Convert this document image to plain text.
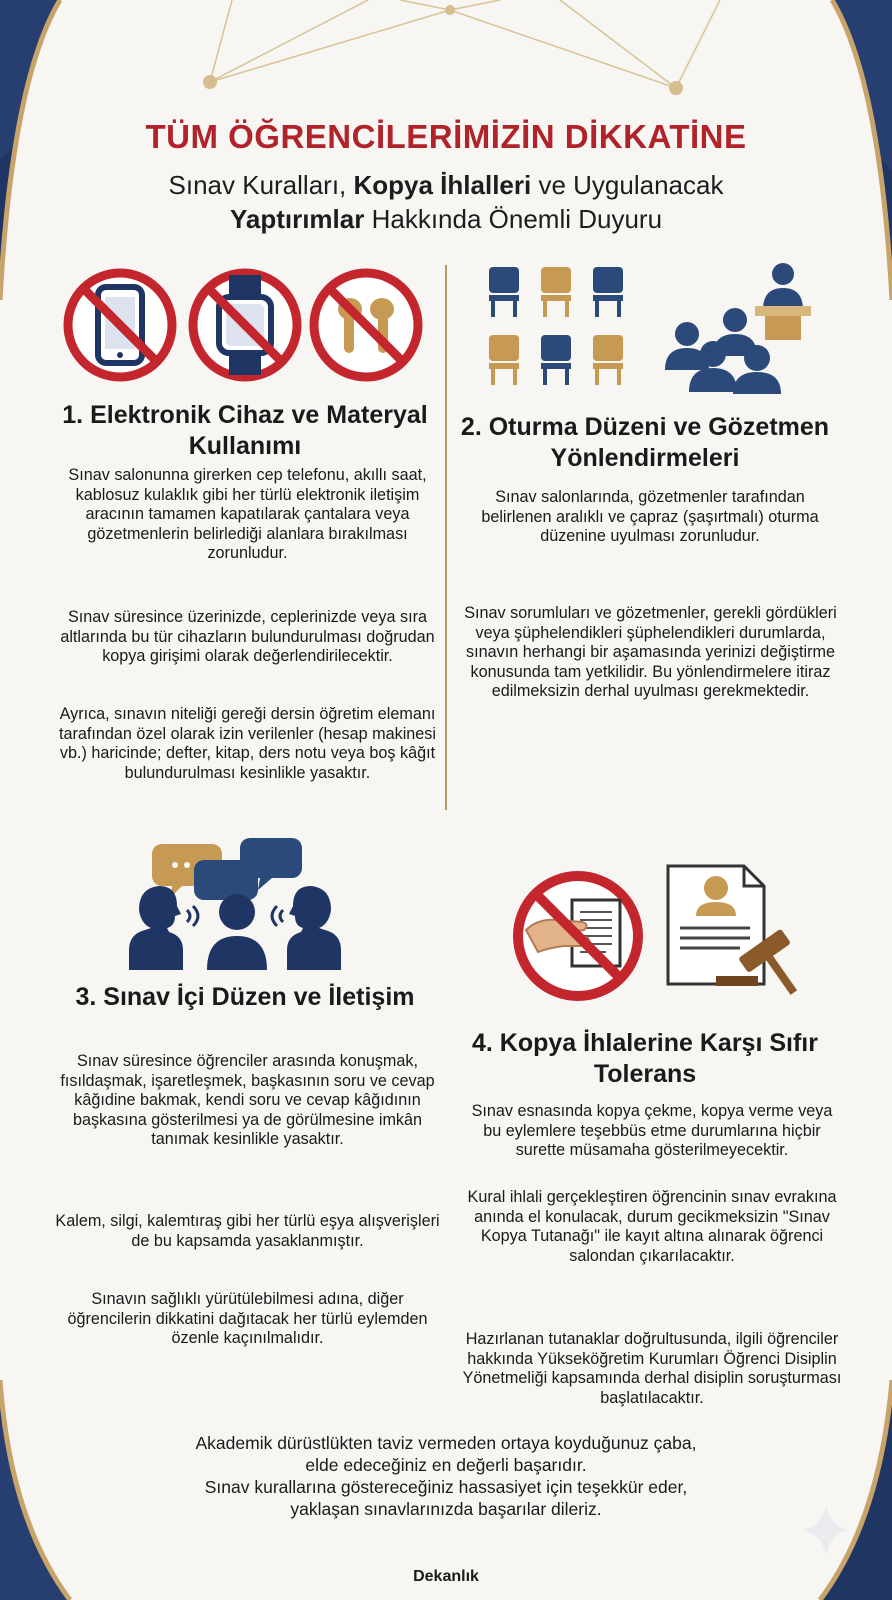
TÜM ÖĞRENCİLERİMİZİN DİKKATİNE
Sınav Kuralları, Kopya İhlalleri ve Uygulanacak
Yaptırımlar Hakkında Önemli Duyuru
1. Elektronik Cihaz ve Materyal Kullanımı

Sınav salonunna girerken cep telefonu, akıllı saat, kablosuz kulaklık gibi her türlü elektronik iletişim aracının tamamen kapatılarak çantalara veya gözetmenlerin belirlediği alanlara bırakılması zorunludur.

Sınav süresince üzerinizde, ceplerinizde veya sıra altlarında bu tür cihazların bulundurulması doğrudan kopya girişimi olarak değerlendirilecektir.

Ayrıca, sınavın niteliği gereği dersin öğretim elemanı tarafından özel olarak izin verilenler (hesap makinesi vb.) haricinde; defter, kitap, ders notu veya boş kâğıt bulundurulması kesinlikle yasaktır.

2. Oturma Düzeni ve Gözetmen Yönlendirmeleri

Sınav salonlarında, gözetmenler tarafından belirlenen aralıklı ve çapraz (şaşırtmalı) oturma düzenine uyulması zorunludur.

Sınav sorumluları ve gözetmenler, gerekli gördükleri veya şüphelendikleri şüphelendikleri durumlarda, sınavın herhangi bir aşamasında yerinizi değiştirme konusunda tam yetkilidir. Bu yönlendirmelere itiraz edilmeksizin derhal uyulması gerekmektedir.

3. Sınav İçi Düzen ve İletişim

Sınav süresince öğrenciler arasında konuşmak, fısıldaşmak, işaretleşmek, başkasının soru ve cevap kâğıdine bakmak, kendi soru ve cevap kâğıdının başkasına gösterilmesi ya de görülmesine imkân tanımak kesinlikle yasaktır.

Kalem, silgi, kalemtıraş gibi her türlü eşya alışverişleri de bu kapsamda yasaklanmıştır.

Sınavın sağlıklı yürütülebilmesi adına, diğer öğrencilerin dikkatini dağıtacak her türlü eylemden özenle kaçınılmalıdır.

4. Kopya İhlalerine Karşı Sıfır Tolerans

Sınav esnasında kopya çekme, kopya verme veya bu eylemlere teşebbüs etme durumlarına hiçbir surette müsamaha gösterilmeyecektir.

Kural ihlali gerçekleştiren öğrencinin sınav evrakına anında el konulacak, durum gecikmeksizin "Sınav Kopya Tutanağı" ile kayıt altına alınarak öğrenci salondan çıkarılacaktır.

Hazırlanan tutanaklar doğrultusunda, ilgili öğrenciler hakkında Yükseköğretim Kurumları Öğrenci Disiplin Yönetmeliği kapsamında derhal disiplin soruşturması başlatılacaktır.

Akademik dürüstlükten taviz vermeden ortaya koyduğunuz çaba,
elde edeceğiniz en değerli başarıdır.
Sınav kurallarına göstereceğiniz hassasiyet için teşekkür eder,
yaklaşan sınavlarınızda başarılar dileriz.
Dekanlık
